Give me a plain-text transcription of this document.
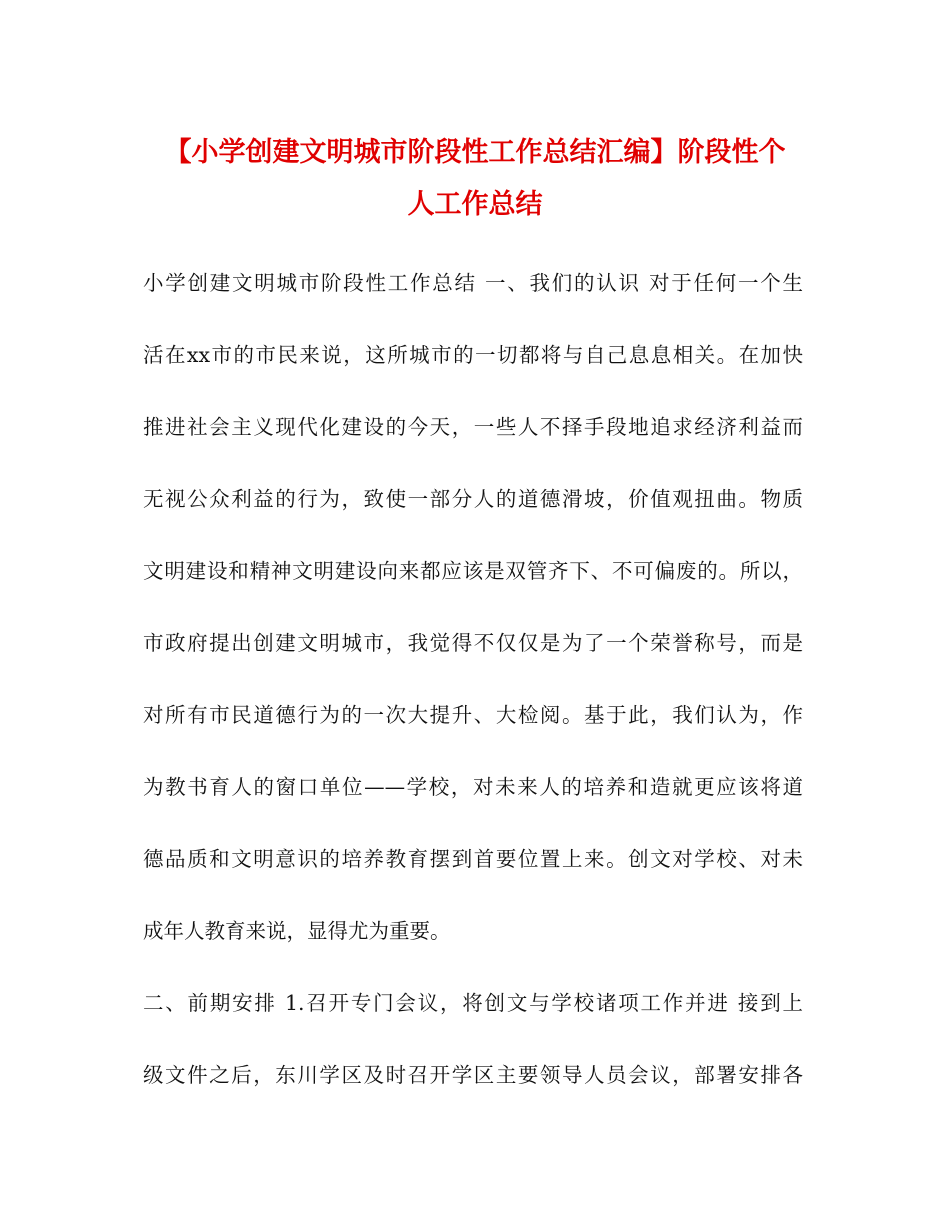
【小学创建文明城市阶段性工作总结汇编】阶段性个
人工作总结

小学创建文明城市阶段性工作总结 一、我们的认识 对于任何一个生

活在xx市的市民来说，这所城市的一切都将与自己息息相关。在加快

推进社会主义现代化建设的今天，一些人不择手段地追求经济利益而

无视公众利益的行为，致使一部分人的道德滑坡，价值观扭曲。物质

文明建设和精神文明建设向来都应该是双管齐下、不可偏废的。所以，

市政府提出创建文明城市，我觉得不仅仅是为了一个荣誉称号，而是

对所有市民道德行为的一次大提升、大检阅。基于此，我们认为，作

为教书育人的窗口单位——学校，对未来人的培养和造就更应该将道

德品质和文明意识的培养教育摆到首要位置上来。创文对学校、对未

成年人教育来说，显得尤为重要。

二、前期安排 1.召开专门会议，将创文与学校诸项工作并进 接到上

级文件之后，东川学区及时召开学区主要领导人员会议，部署安排各
